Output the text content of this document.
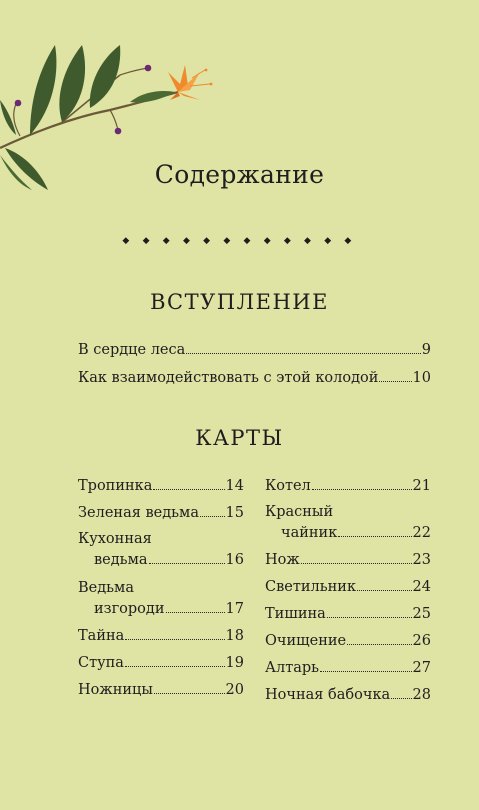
Содержание
◆ ◆ ◆ ◆ ◆ ◆ ◆ ◆ ◆ ◆ ◆ ◆
ВСТУПЛЕНИЕ
В сердце леса	9
Как взаимодействовать с этой колодой 10
КАРТЫ
Тропинка	14
Зеленая ведьма 15
Кухонная
ведьма	16
Ведьма
изгороди	17
Тайна	18
Ступа	19
Ножницы	20
Котел	21
Красный
чайник	22
Нож	23
Светильник	24
Тишина	25
Очищение	26
Алтарь	27
Ночная бабочка 28
